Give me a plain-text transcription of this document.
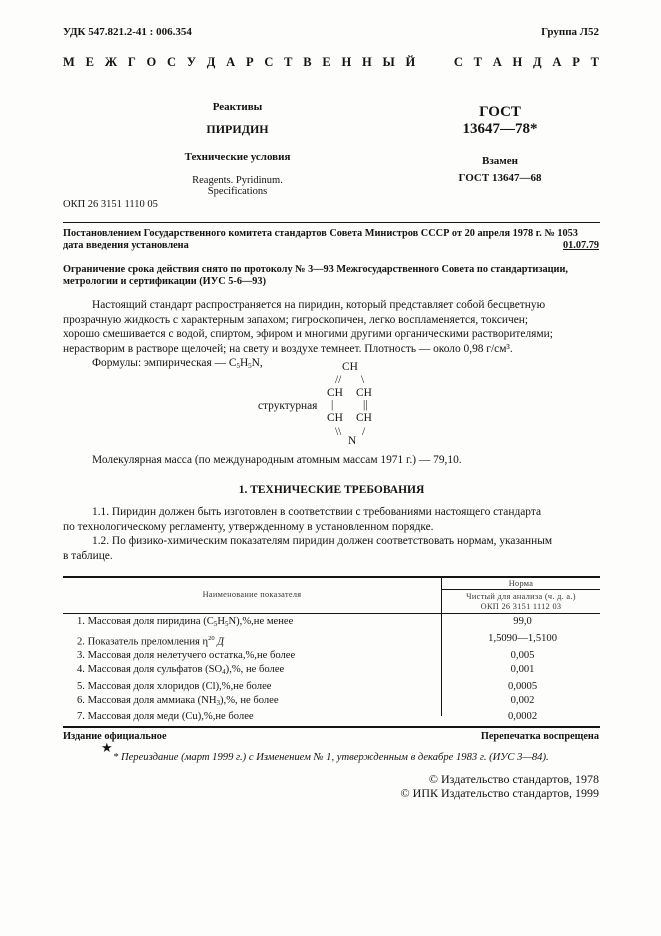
УДК 547.821.2-41 : 006.354	Группа Л52
М Е Ж Г О С У Д А Р С Т В Е Н Н Ы Й

	С Т А Н Д А Р Т
Реактивы
ПИРИДИН
Технические условия
Reagents. Pyridinum.
Specifications
ОКП 26 3151 1110 05
ГОСТ
13647—78*
Взамен
ГОСТ 13647—68
Постановлением Государственного комитета стандартов Совета Министров СССР от 20 апреля 1978 г. № 1053
дата введения установлена	01.07.79
Ограничение срока действия снято по протоколу № 3—93 Межгосударственного Совета по стандартизации,
метрологии и сертификации (ИУС 5-6—93)
Настоящий стандарт распространяется на пиридин, который представляет собой бесцветную
прозрачную жидкость с характерным запахом; гигроскопичен, легко воспламеняется, токсичен;
хорошо смешивается с водой, спиртом, эфиром и многими другими органическими растворителями;
нерастворим в растворе щелочей; на свету и воздухе темнеет. Плотность — около 0,98 г/см³.
Формулы: эмпирическая — $C_5H_5N$,	CH
// \
CH CH
структурная |	||
CH CH
\\ /
N
Молекулярная масса (по международным атомным массам 1971 г.) — 79,10.
1. ТЕХНИЧЕСКИЕ ТРЕБОВАНИЯ
1.1. Пиридин должен быть изготовлен в соответствии с требованиями настоящего стандарта
по технологическому регламенту, утвержденному в установленном порядке.
1.2. По физико-химическим показателям пиридин должен соответствовать нормам, указанным
в таблице.
Наименование показателя
Норма
Чистый для анализа (ч. д. а.)
ОКП 26 3151 1112 03
1. Массовая доля пиридина $(C_5H_5N),\%,не$ менее	99,0
2. Показатель преломления $\eta^{20}$ Д	1,5090—1,5100
3. Массовая доля нелетучего остатка,%,не более	0,005
4. Массовая доля сульфатов $(SO_4),\%$, не более	0,001
5. Массовая доля хлоридов (Cl),%,не более	0,0005
6. Массовая доля аммиака $(NH_3),\%$, не более	0,002
7. Массовая доля меди (Cu),%,не более	0,0002
Издание официальное	Перепечатка воспрещена
★
* Переиздание (март 1999 г.) с Изменением № 1, утвержденным в декабре 1983 г. (ИУС 3—84).
© Издательство стандартов, 1978
© ИПК Издательство стандартов, 1999
